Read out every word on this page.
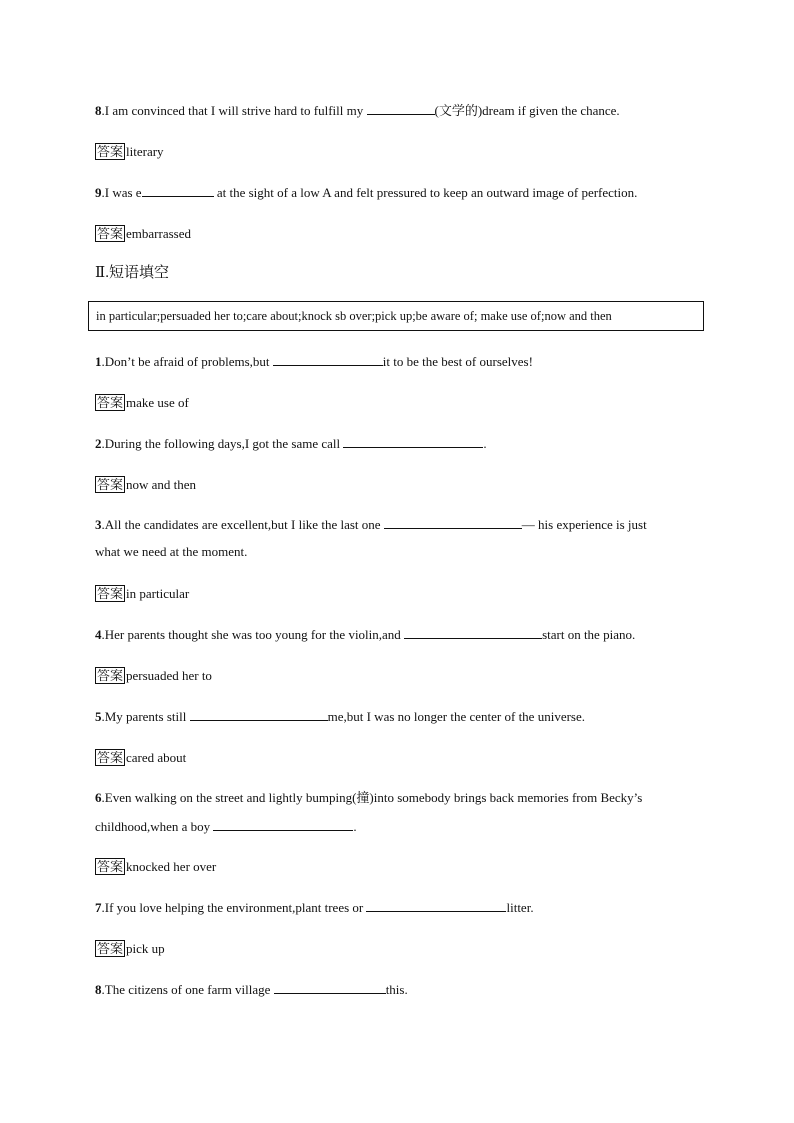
8.I am convinced that I will strive hard to fulfill my	(文学的)dream if given the chance.
答案 literary
9.I was e	at the sight of a low A and felt pressured to keep an outward image of perfection.
答案 embarrassed
Ⅱ.短语填空
in particular;persuaded her to;care about;knock sb over;pick up;be aware of; make use of;now and then
1.Don’t be afraid of problems,but	it to be the best of ourselves!
答案 make use of
2.During the following days,I got the same call	.
答案 now and then
3.All the candidates are excellent,but I like the last one	— his experience is just
what we need at the moment.
答案 in particular
4.Her parents thought she was too young for the violin,and	start on the piano.
答案 persuaded her to
5.My parents still	me,but I was no longer the center of the universe.
答案 cared about
6.Even walking on the street and lightly bumping(撞)into somebody brings back memories from Becky’s
childhood,when a boy	.
答案 knocked her over
7.If you love helping the environment,plant trees or	litter.
答案 pick up
8.The citizens of one farm village	this.
